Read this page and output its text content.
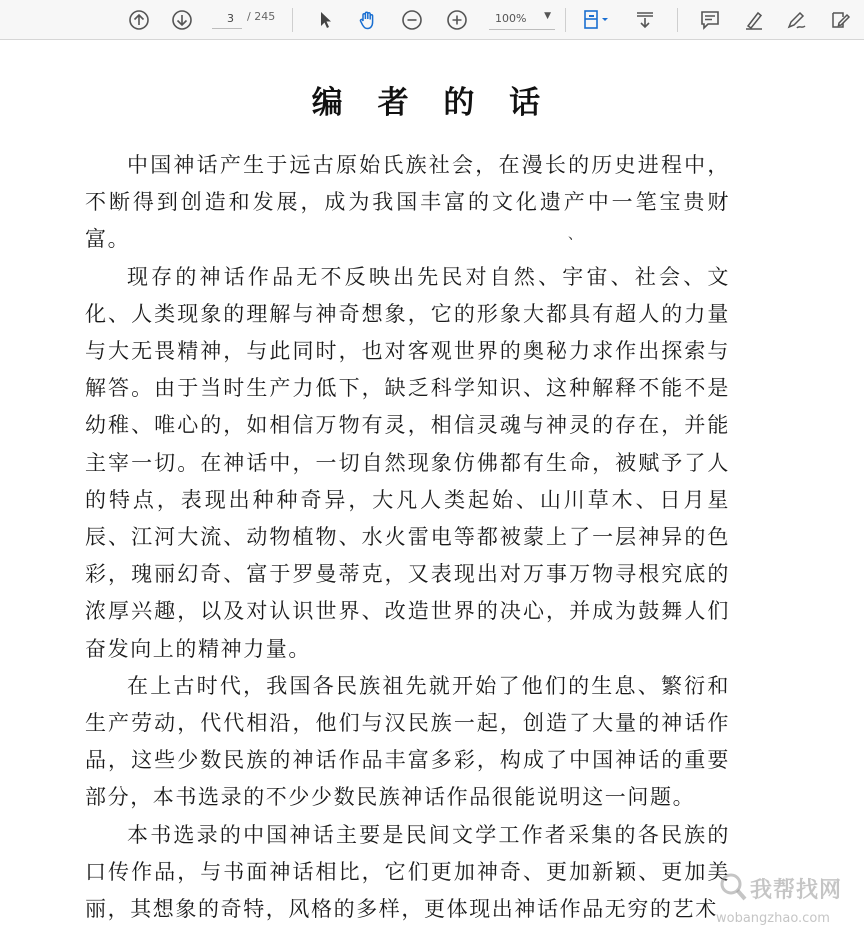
3	/ 245	100% ▼
编 者 的 话
、

中国神话产生于远古原始氏族社会，在漫长的历史进程中，不断得到创造和发展，成为我国丰富的文化遗产中一笔宝贵财富。

现存的神话作品无不反映出先民对自然、宇宙、社会、文化、人类现象的理解与神奇想象，它的形象大都具有超人的力量与大无畏精神，与此同时，也对客观世界的奥秘力求作出探索与解答。由于当时生产力低下，缺乏科学知识、这种解释不能不是幼稚、唯心的，如相信万物有灵，相信灵魂与神灵的存在，并能主宰一切。在神话中，一切自然现象仿佛都有生命，被赋予了人的特点，表现出种种奇异，大凡人类起始、山川草木、日月星辰、江河大流、动物植物、水火雷电等都被蒙上了一层神异的色彩，瑰丽幻奇、富于罗曼蒂克，又表现出对万事万物寻根究底的浓厚兴趣，以及对认识世界、改造世界的决心，并成为鼓舞人们奋发向上的精神力量。

在上古时代，我国各民族祖先就开始了他们的生息、繁衍和生产劳动，代代相沿，他们与汉民族一起，创造了大量的神话作品，这些少数民族的神话作品丰富多彩，构成了中国神话的重要部分，本书选录的不少少数民族神话作品很能说明这一问题。

本书选录的中国神话主要是民间文学工作者采集的各民族的口传作品，与书面神话相比，它们更加神奇、更加新颖、更加美丽，其想象的奇特，风格的多样，更体现出神话作品无穷的艺术

我帮找网
wobangzhao.com
